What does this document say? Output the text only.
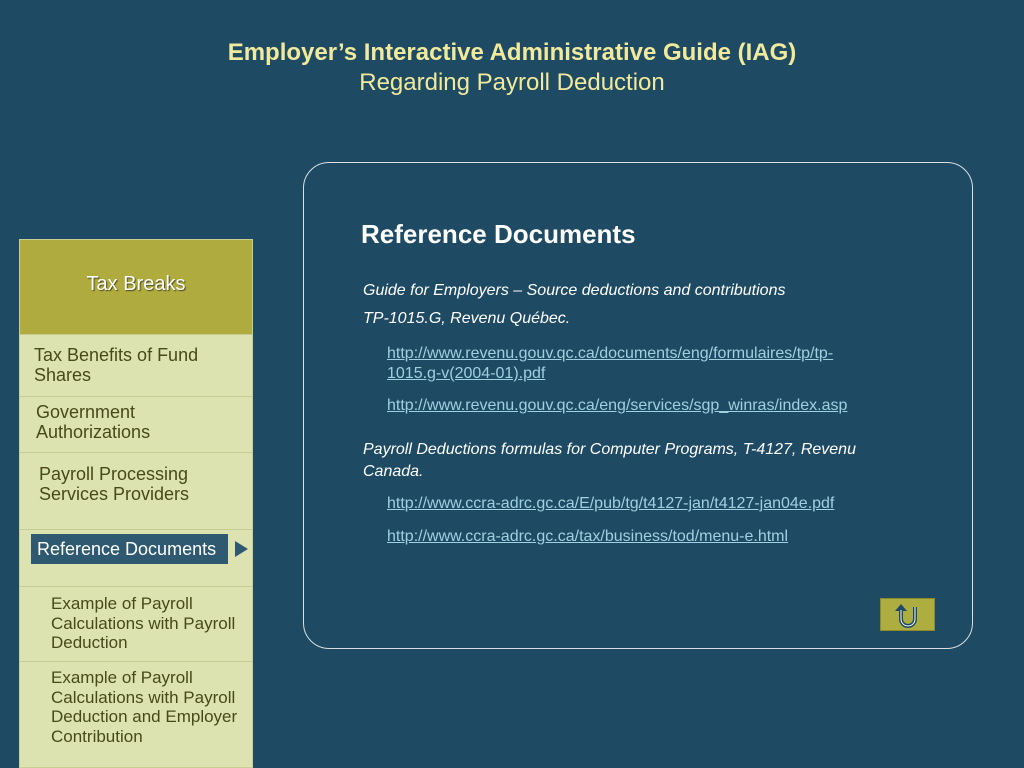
Employer’s Interactive Administrative Guide (IAG)
Regarding Payroll Deduction
Tax Breaks
Tax Benefits of Fund
Shares
Government
Authorizations
Payroll Processing
Services Providers
Reference Documents
Example of Payroll
Calculations with Payroll
Deduction
Example of Payroll
Calculations with Payroll
Deduction and Employer
Contribution
Reference Documents
Guide for Employers – Source deductions and contributions
TP-1015.G, Revenu Québec.
http://www.revenu.gouv.qc.ca/documents/eng/formulaires/tp/tp-
1015.g-v(2004-01).pdf
http://www.revenu.gouv.qc.ca/eng/services/sgp_winras/index.asp
Payroll Deductions formulas for Computer Programs, T-4127, Revenu
Canada.
http://www.ccra-adrc.gc.ca/E/pub/tg/t4127-jan/t4127-jan04e.pdf
http://www.ccra-adrc.gc.ca/tax/business/tod/menu-e.html
